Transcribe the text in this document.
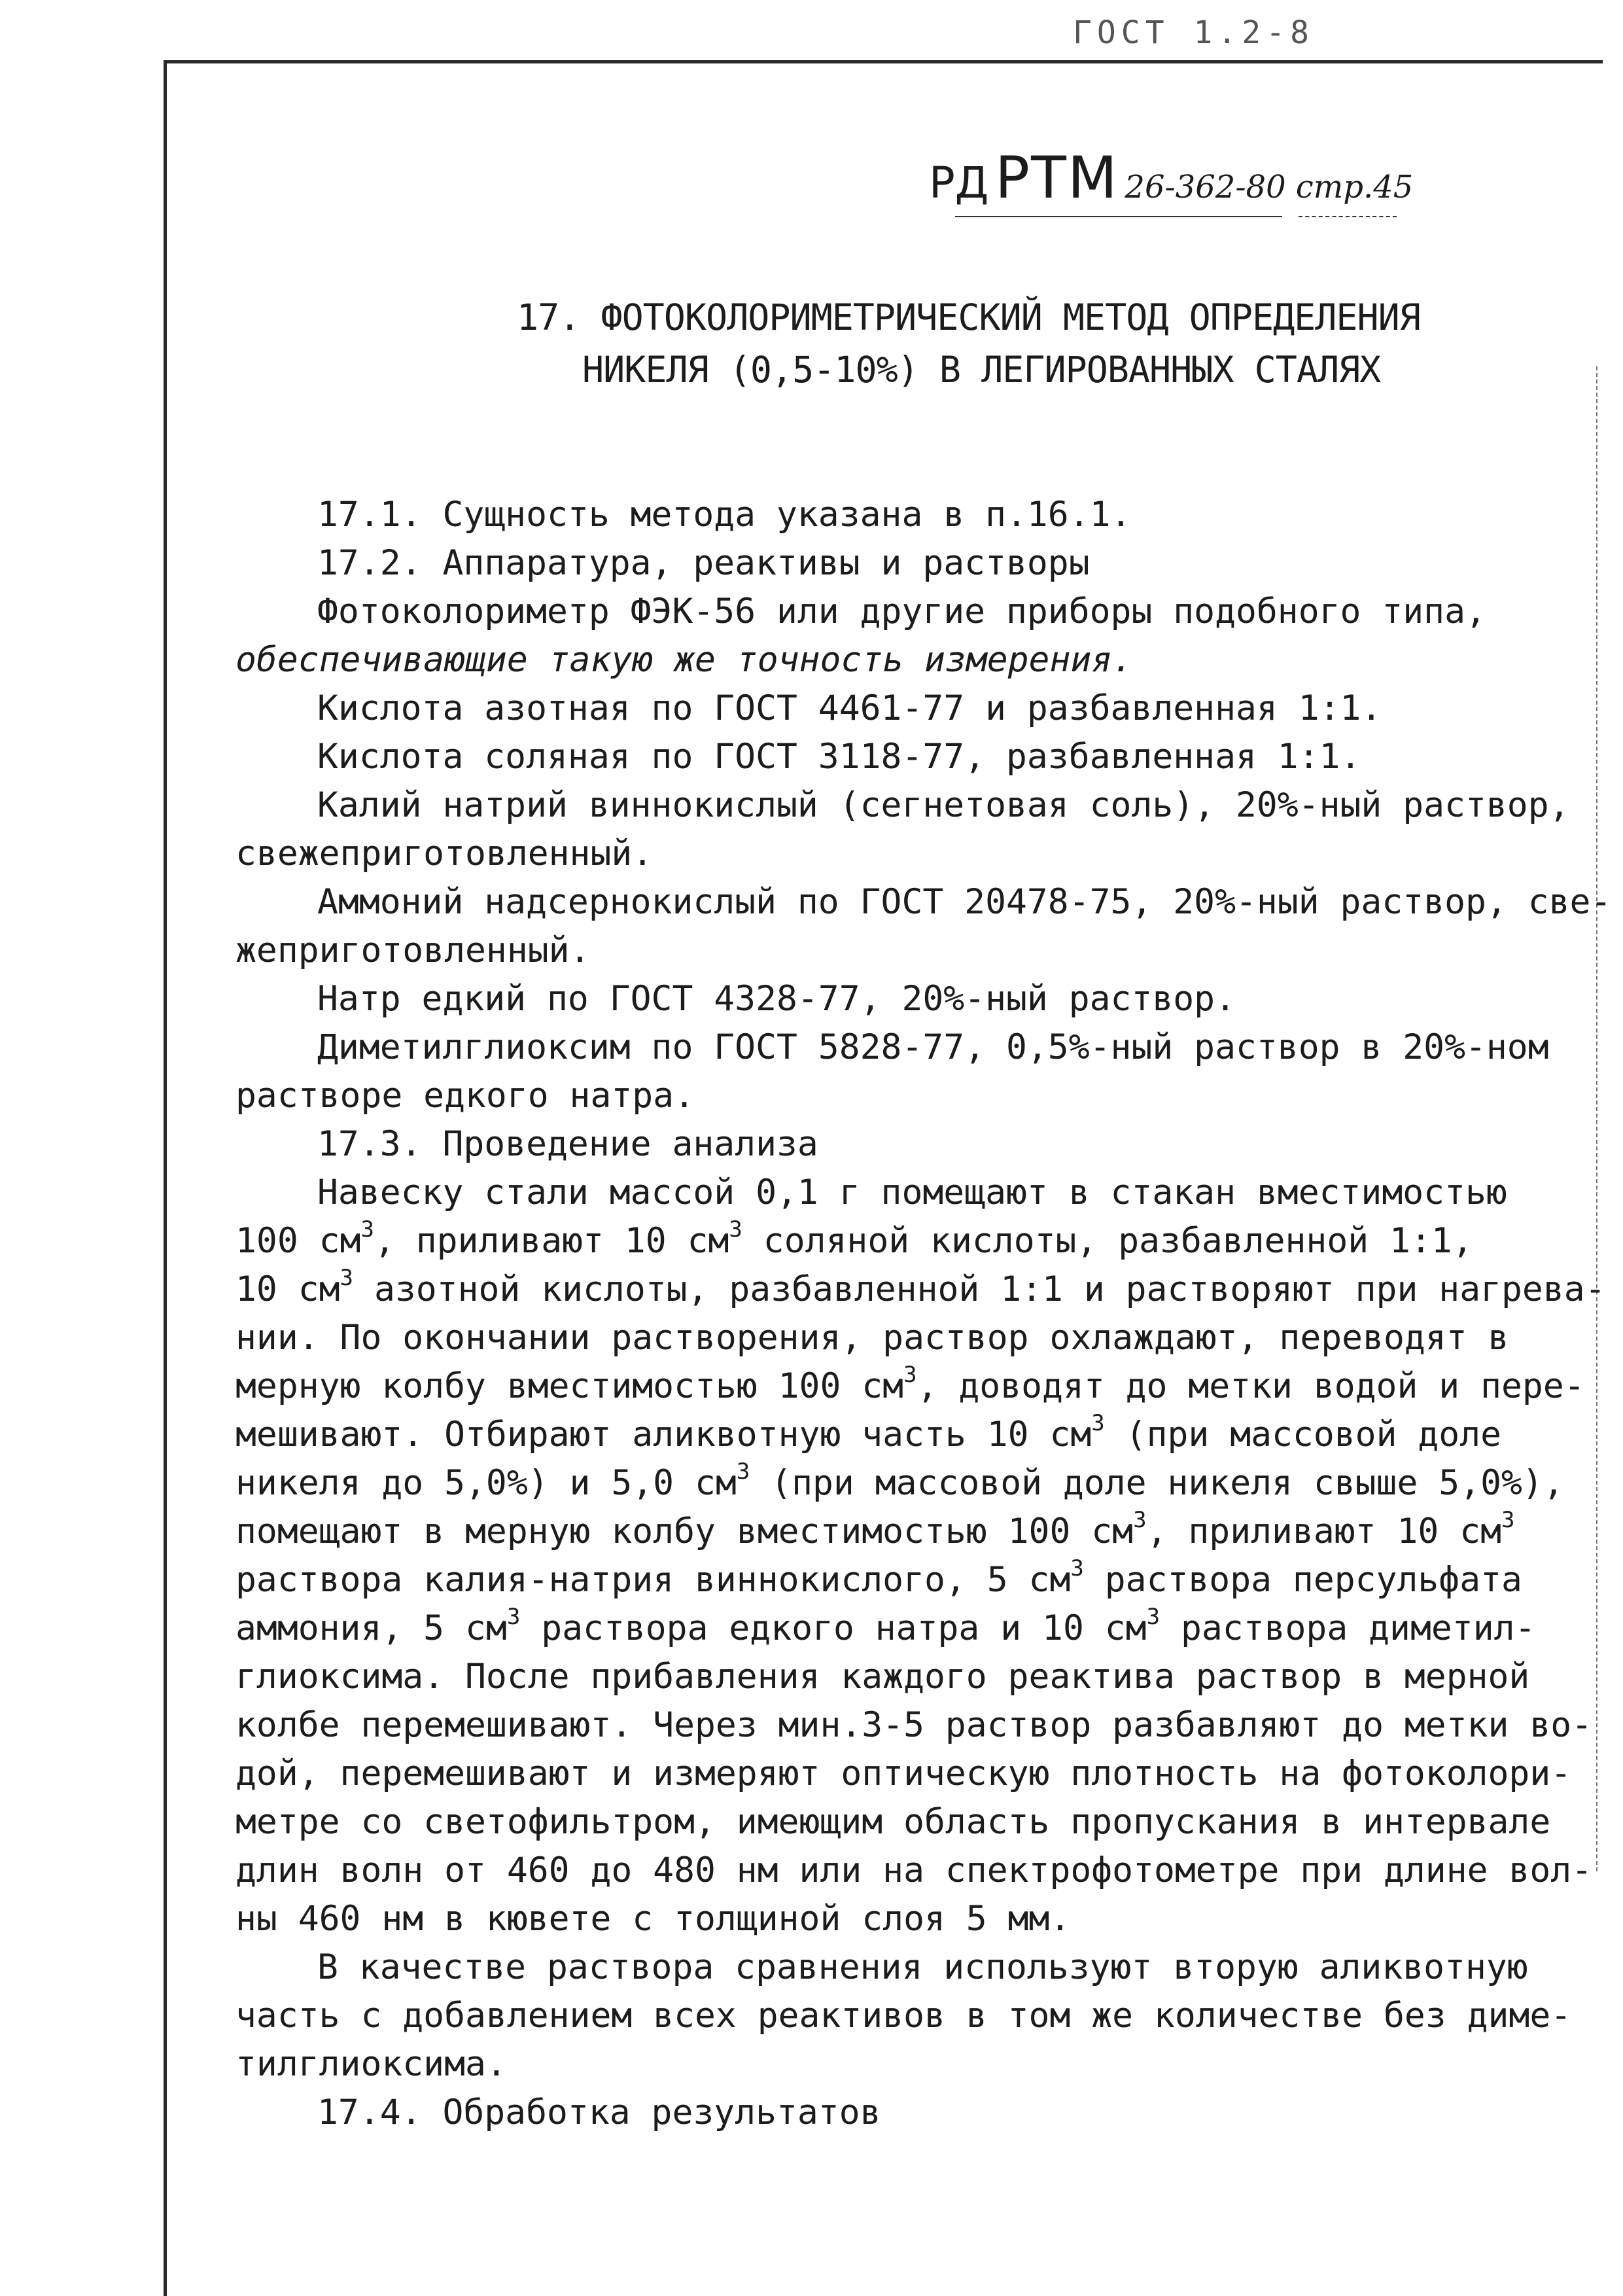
ГОСТ 1.2-8
РД РТМ 26-362-80 стр.45
17. ФОТОКОЛОРИМЕТРИЧЕСКИЙ МЕТОД ОПРЕДЕЛЕНИЯ
НИКЕЛЯ (0,5-10%) В ЛЕГИРОВАННЫХ СТАЛЯХ
17.1. Сущность метода указана в п.16.1.
17.2. Аппаратура, реактивы и растворы
Фотоколориметр ФЭК-56 или другие приборы подобного типа,
обеспечивающие такую же точность измерения.
Кислота азотная по ГОСТ 4461-77 и разбавленная 1:1.
Кислота соляная по ГОСТ 3118-77, разбавленная 1:1.
Калий натрий виннокислый (сегнетовая соль), 20%-ный раствор,
свежеприготовленный.
Аммоний надсернокислый по ГОСТ 20478-75, 20%-ный раствор, све-
жеприготовленный.
Натр едкий по ГОСТ 4328-77, 20%-ный раствор.
Диметилглиоксим по ГОСТ 5828-77, 0,5%-ный раствор в 20%-ном
растворе едкого натра.
17.3. Проведение анализа
Навеску стали массой 0,1 г помещают в стакан вместимостью
100 $см^3$, приливают 10 $см^3$ соляной кислоты, разбавленной 1:1,
10 $см^3$ азотной кислоты, разбавленной 1:1 и растворяют при нагрева-
нии. По окончании растворения, раствор охлаждают, переводят в
мерную колбу вместимостью 100 $см^3$, доводят до метки водой и пере-
мешивают. Отбирают аликвотную часть 10 $см^3$ (при массовой доле
никеля до 5,0%) и 5,0 $см^3$ (при массовой доле никеля свыше 5,0%),
помещают в мерную колбу вместимостью 100 $см^3$, приливают 10 $см^3$
раствора калия-натрия виннокислого, 5 $см^3$ раствора персульфата
аммония, 5 $см^3$ раствора едкого натра и 10 $см^3$ раствора диметил-
глиоксима. После прибавления каждого реактива раствор в мерной
колбе перемешивают. Через мин.3-5 раствор разбавляют до метки во-
дой, перемешивают и измеряют оптическую плотность на фотоколори-
метре со светофильтром, имеющим область пропускания в интервале
длин волн от 460 до 480 нм или на спектрофотометре при длине вол-
ны 460 нм в кювете с толщиной слоя 5 мм.
В качестве раствора сравнения используют вторую аликвотную
часть с добавлением всех реактивов в том же количестве без диме-
тилглиоксима.
17.4. Обработка результатов
